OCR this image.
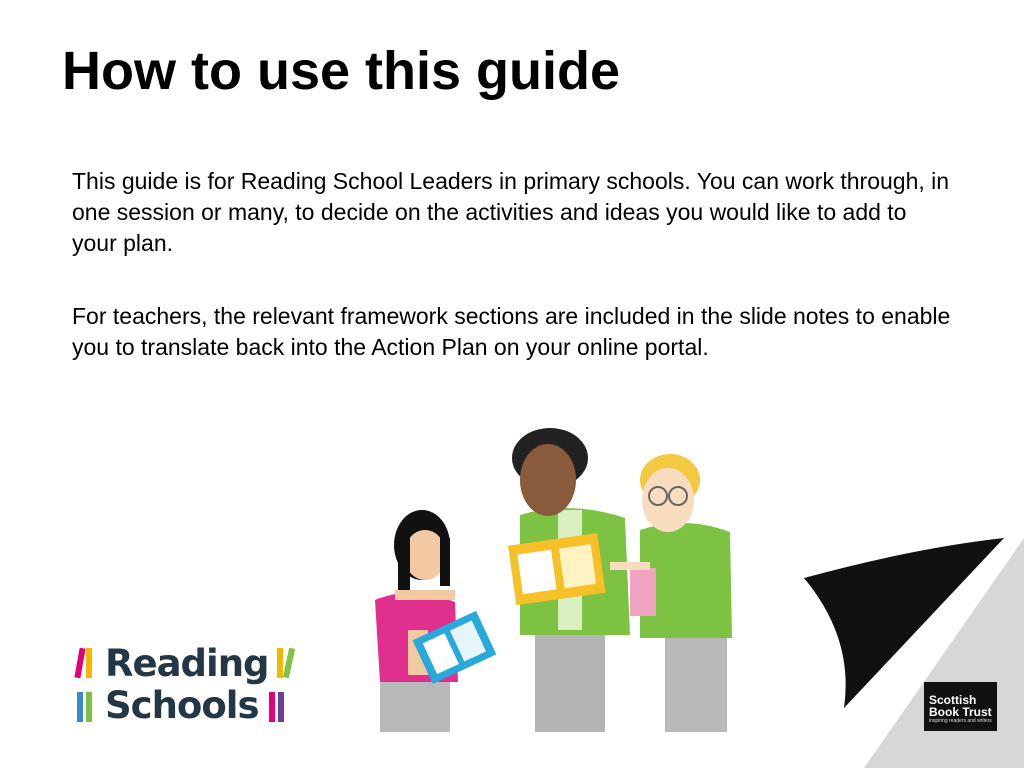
How to use this guide

This guide is for Reading School Leaders in primary schools. You can work through, in one session or many, to decide on the activities and ideas you would like to add to your plan.

For teachers, the relevant framework sections are included in the slide notes to enable you to translate back into the Action Plan on your online portal.

Reading
Schools	Scottish
Book Trust
inspiring readers and writers
